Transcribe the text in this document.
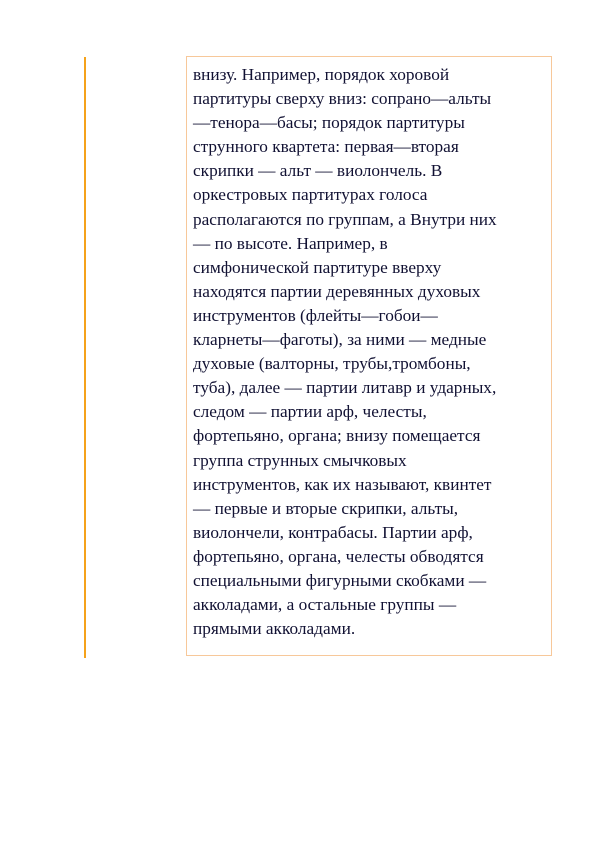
внизу. Например, порядок хоровой
партитуры сверху вниз: сопрано—альты
—тенора—басы; порядок партитуры
струнного квартета: первая—вторая
скрипки — альт — виолончель. В
оркестровых партитурах голоса
располагаются по группам, а Внутри них
— по высоте. Например, в
симфонической партитуре вверху
находятся партии деревянных духовых
инструментов (флейты—гобои—
кларнеты—фаготы), за ними — медные
духовые (валторны, трубы,тромбоны,
туба), далее — партии литавр и ударных,
следом — партии арф, челесты,
фортепьяно, органа; внизу помещается
группа струнных смычковых
инструментов, как их называют, квинтет
— первые и вторые скрипки, альты,
виолончели, контрабасы. Партии арф,
фортепьяно, органа, челесты обводятся
специальными фигурными скобками —
акколадами, а остальные группы —
прямыми акколадами.
